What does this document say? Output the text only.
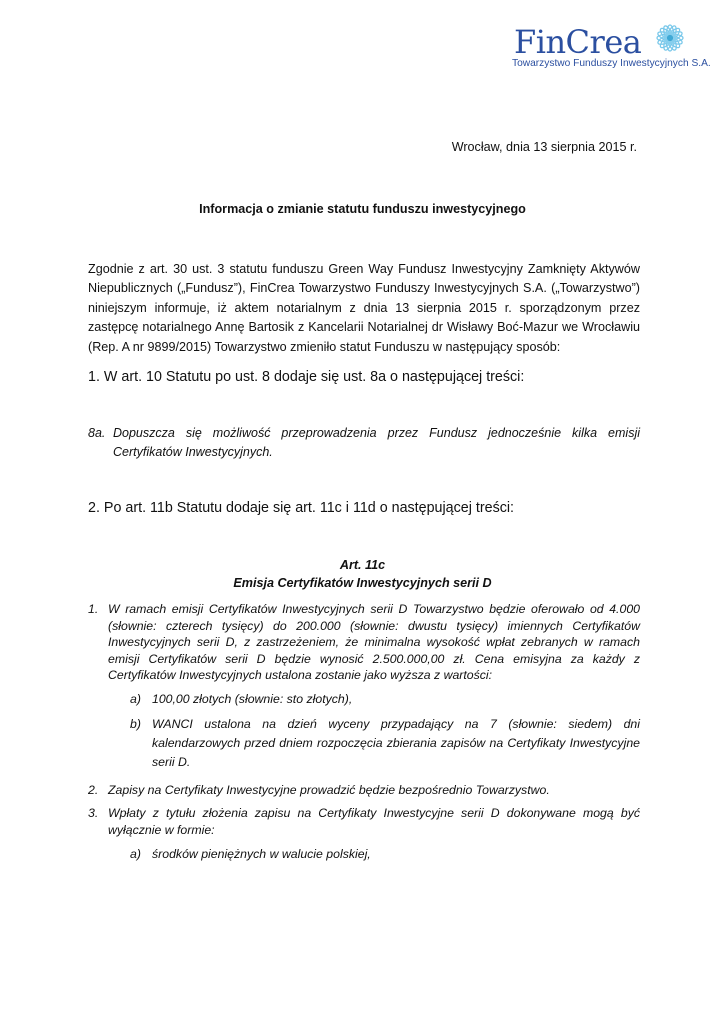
FinCrea
Towarzystwo Funduszy Inwestycyjnych S.A.
Wrocław, dnia 13 sierpnia 2015 r.
Informacja o zmianie statutu funduszu inwestycyjnego
Zgodnie z art. 30 ust. 3 statutu funduszu Green Way Fundusz Inwestycyjny Zamknięty Aktywów Niepublicznych („Fundusz”), FinCrea Towarzystwo Funduszy Inwestycyjnych S.A. („Towarzystwo”) niniejszym informuje, iż aktem notarialnym z dnia 13 sierpnia 2015 r. sporządzonym przez zastępcę notarialnego Annę Bartosik z Kancelarii Notarialnej dr Wisławy Boć-Mazur we Wrocławiu (Rep. A nr 9899/2015) Towarzystwo zmieniło statut Funduszu w następujący sposób:
1. W art. 10 Statutu po ust. 8 dodaje się ust. 8a o następującej treści:
8a. Dopuszcza się możliwość przeprowadzenia przez Fundusz jednocześnie kilka emisji Certyfikatów Inwestycyjnych.
2. Po art. 11b Statutu dodaje się art. 11c i 11d o następującej treści:
Art. 11c
Emisja Certyfikatów Inwestycyjnych serii D
1. W ramach emisji Certyfikatów Inwestycyjnych serii D Towarzystwo będzie oferowało od 4.000 (słownie: czterech tysięcy) do 200.000 (słownie: dwustu tysięcy) imiennych Certyfikatów Inwestycyjnych serii D, z zastrzeżeniem, że minimalna wysokość wpłat zebranych w ramach emisji Certyfikatów serii D będzie wynosić 2.500.000,00 zł. Cena emisyjna za każdy z Certyfikatów Inwestycyjnych ustalona zostanie jako wyższa z wartości:
a) 100,00 złotych (słownie: sto złotych),
b) WANCI ustalona na dzień wyceny przypadający na 7 (słownie: siedem) dni kalendarzowych przed dniem rozpoczęcia zbierania zapisów na Certyfikaty Inwestycyjne serii D.
2. Zapisy na Certyfikaty Inwestycyjne prowadzić będzie bezpośrednio Towarzystwo.
3. Wpłaty z tytułu złożenia zapisu na Certyfikaty Inwestycyjne serii D dokonywane mogą być wyłącznie w formie:
a) środków pieniężnych w walucie polskiej,
